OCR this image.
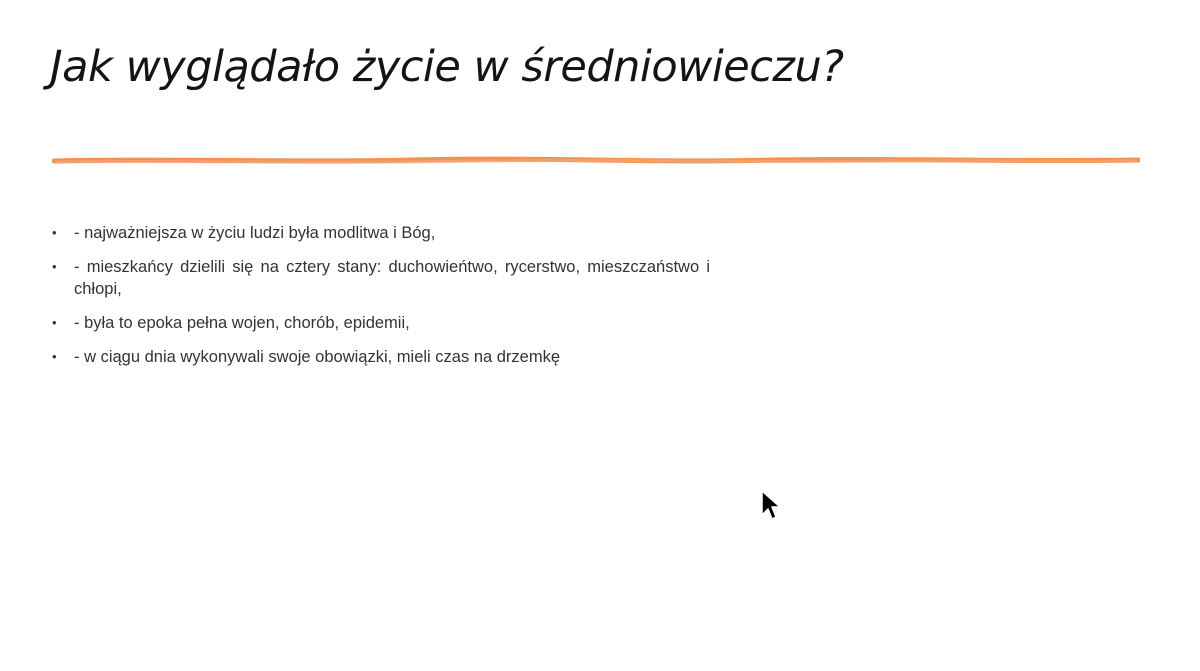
Jak wyglądało życie w średniowieczu?
• - najważniejsza w życiu ludzi była modlitwa i Bóg,
• - mieszkańcy dzielili się na cztery stany: duchowieńtwo, rycerstwo, mieszczaństwo i chłopi,
• - była to epoka pełna wojen, chorób, epidemii,
• - w ciągu dnia wykonywali swoje obowiązki, mieli czas na drzemkę
